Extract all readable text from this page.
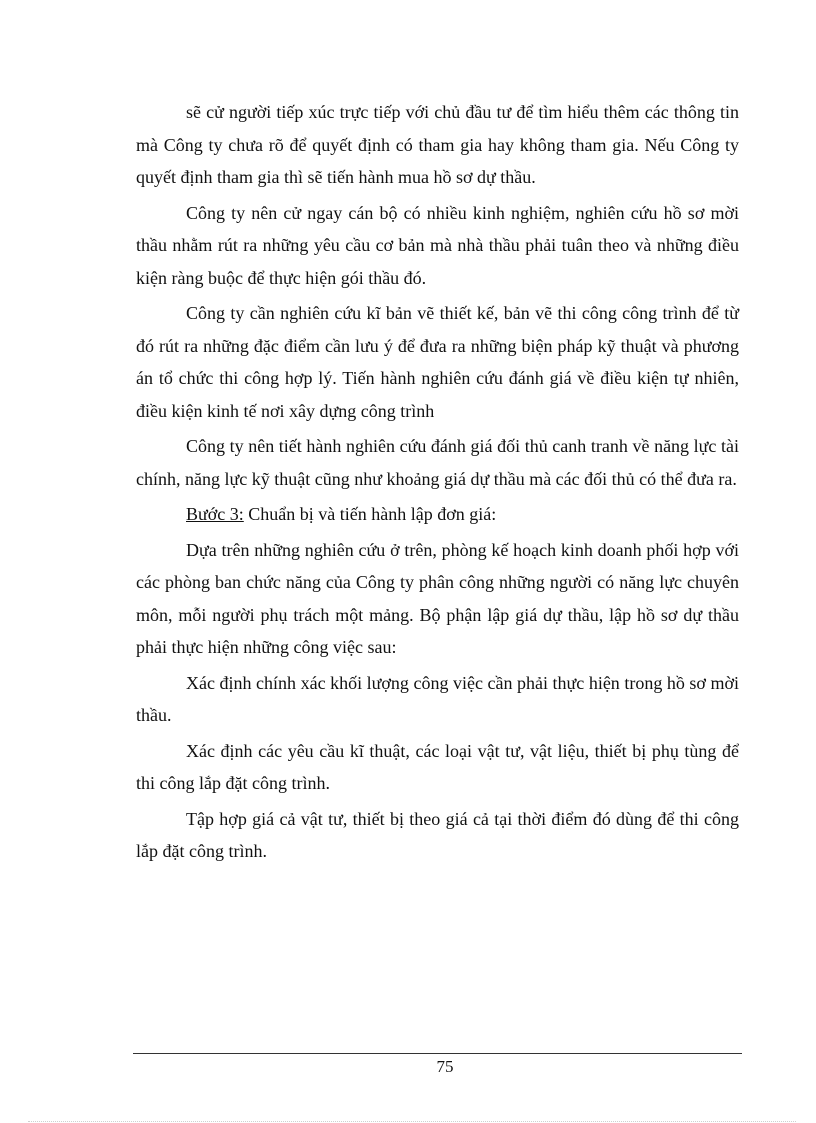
sẽ cử người tiếp xúc trực tiếp với chủ đầu tư để tìm hiểu thêm các thông tin mà Công ty chưa rõ để quyết định có tham gia hay không tham gia. Nếu Công ty quyết định tham gia thì sẽ tiến hành mua hồ sơ dự thầu.

Công ty nên cử ngay cán bộ có nhiều kinh nghiệm, nghiên cứu hồ sơ mời thầu nhằm rút ra những yêu cầu cơ bản mà nhà thầu phải tuân theo và những điều kiện ràng buộc để thực hiện gói thầu đó.

Công ty cần nghiên cứu kĩ bản vẽ thiết kế, bản vẽ thi công công trình để từ đó rút ra những đặc điểm cần lưu ý để đưa ra những biện pháp kỹ thuật và phương án tổ chức thi công hợp lý. Tiến hành nghiên cứu đánh giá về điều kiện tự nhiên, điều kiện kinh tế nơi xây dựng công trình

Công ty nên tiết hành nghiên cứu đánh giá đối thủ canh tranh về năng lực tài chính, năng lực kỹ thuật cũng như khoảng giá dự thầu mà các đối thủ có thể đưa ra.

Bước 3: Chuẩn bị và tiến hành lập đơn giá:

Dựa trên những nghiên cứu ở trên, phòng kế hoạch kinh doanh phối hợp với các phòng ban chức năng của Công ty phân công những người có năng lực chuyên môn, mỗi người phụ trách một mảng. Bộ phận lập giá dự thầu, lập hồ sơ dự thầu phải thực hiện những công việc sau:

Xác định chính xác khối lượng công việc cần phải thực hiện trong hồ sơ mời thầu.

Xác định các yêu cầu kĩ thuật, các loại vật tư, vật liệu, thiết bị phụ tùng để thi công lắp đặt công trình.

Tập hợp giá cả vật tư, thiết bị theo giá cả tại thời điểm đó dùng để thi công lắp đặt công trình.

75
